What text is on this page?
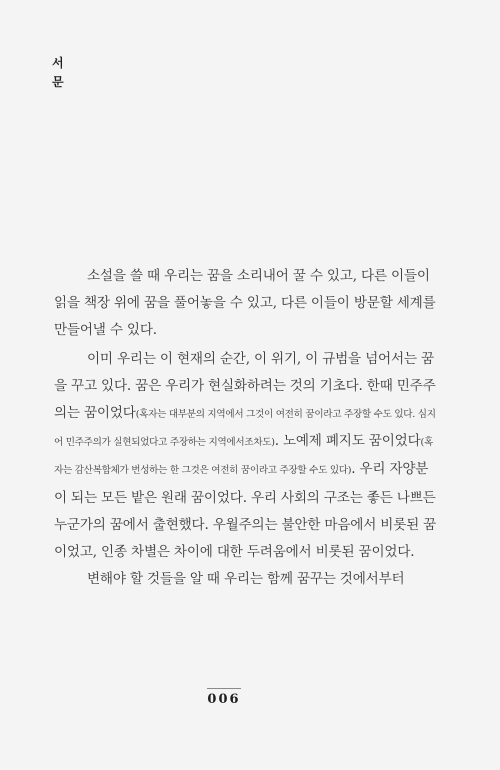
서
문

소설을 쓸 때 우리는 꿈을 소리내어 꿀 수 있고, 다른 이들이 읽을 책장 위에 꿈을 풀어놓을 수 있고, 다른 이들이 방문할 세계를 만들어낼 수 있다.

이미 우리는 이 현재의 순간, 이 위기, 이 규범을 넘어서는 꿈을 꾸고 있다. 꿈은 우리가 현실화하려는 것의 기초다. 한때 민주주의는 꿈이었다(혹자는 대부분의 지역에서 그것이 여전히 꿈이라고 주장할 수도 있다. 심지어 민주주의가 실현되었다고 주장하는 지역에서조차도). 노예제 폐지도 꿈이었다(혹자는 감산복합체가 번성하는 한 그것은 여전히 꿈이라고 주장할 수도 있다). 우리 자양분이 되는 모든 밭은 원래 꿈이었다. 우리 사회의 구조는 좋든 나쁘든 누군가의 꿈에서 출현했다. 우월주의는 불안한 마음에서 비롯된 꿈이었고, 인종 차별은 차이에 대한 두려움에서 비롯된 꿈이었다.

변해야 할 것들을 알 때 우리는 함께 꿈꾸는 것에서부터

006
